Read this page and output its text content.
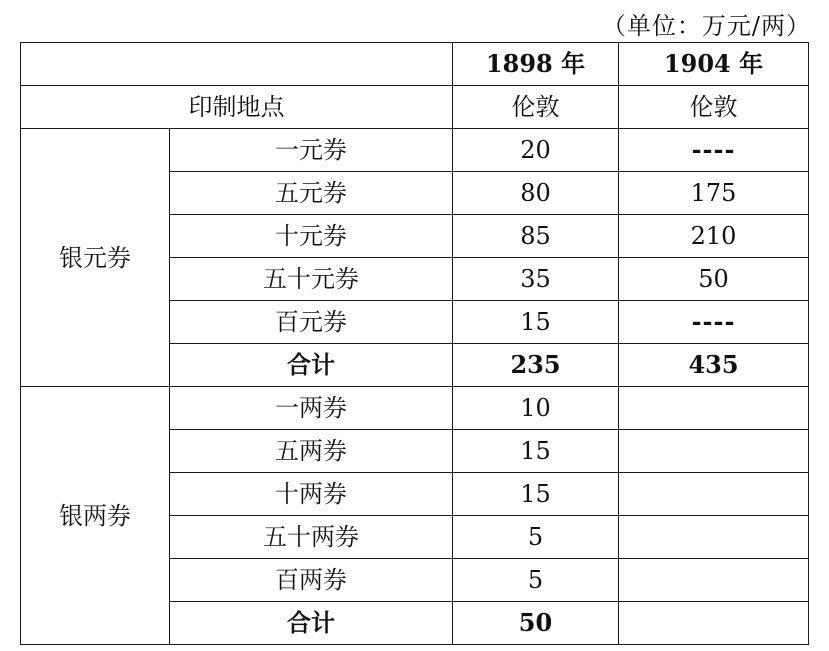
（单位：万元/两）
		1898 年	1904 年
印制地点		伦敦	伦敦
银元券	一元券	20	----
	五元券	80	175
	十元券	85	210
	五十元券	35	50
	百元券	15	----
	合计	235	435
银两券	一两券	10	
	五两券	15	
	十两券	15	
	五十两券	5	
	百两券	5	
	合计	50	
